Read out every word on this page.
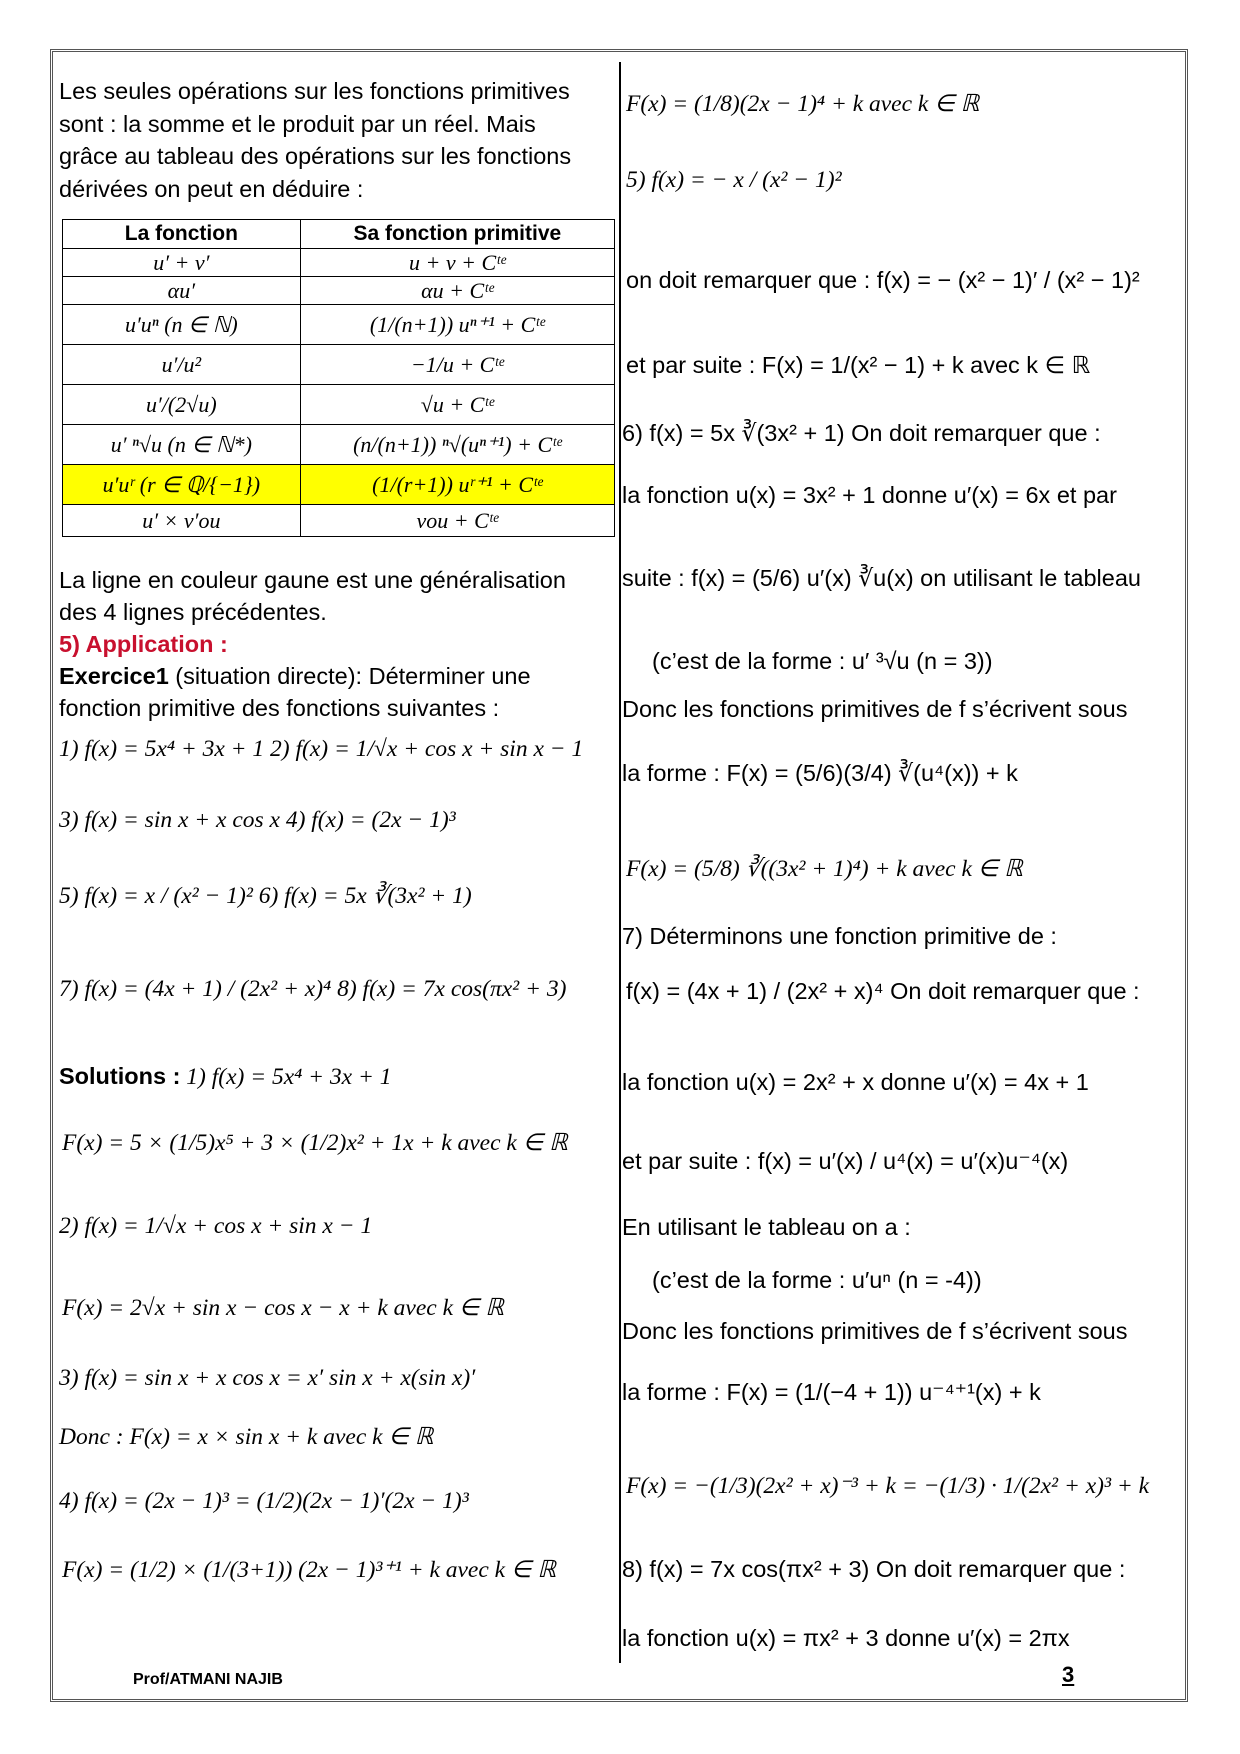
Les seules opérations sur les fonctions primitives
sont : la somme et le produit par un réel. Mais
grâce au tableau des opérations sur les fonctions
dérivées on peut en déduire :
La fonction	Sa fonction primitive
u′ + v′	u + v + Cᵗᵉ
αu′	αu + Cᵗᵉ
u′uⁿ (n ∈ ℕ)	(1/(n+1)) uⁿ⁺¹ + Cᵗᵉ
u′/u²	−1/u + Cᵗᵉ
u′/(2√u)	√u + Cᵗᵉ
u′ ⁿ√u (n ∈ ℕ*)	(n/(n+1)) ⁿ√(uⁿ⁺¹) + Cᵗᵉ
u′uʳ (r ∈ ℚ/{−1})	(1/(r+1)) uʳ⁺¹ + Cᵗᵉ
u′ × v′ou	vou + Cᵗᵉ
La ligne en couleur gaune est une généralisation
des 4 lignes précédentes.
5) Application :
Exercice1 (situation directe): Déterminer une
fonction primitive des fonctions suivantes :
1) f(x) = 5x⁴ + 3x + 1 2) f(x) = 1/√x + cos x + sin x − 1
3) f(x) = sin x + x cos x 4) f(x) = (2x − 1)³
5) f(x) = x / (x² − 1)² 6) f(x) = 5x ∛(3x² + 1)
7) f(x) = (4x + 1) / (2x² + x)⁴ 8) f(x) = 7x cos(πx² + 3)
Solutions : 1) f(x) = 5x⁴ + 3x + 1
F(x) = 5 × (1/5)x⁵ + 3 × (1/2)x² + 1x + k avec k ∈ ℝ
2) f(x) = 1/√x + cos x + sin x − 1
F(x) = 2√x + sin x − cos x − x + k avec k ∈ ℝ
3) f(x) = sin x + x cos x = x′ sin x + x(sin x)′
Donc : F(x) = x × sin x + k avec k ∈ ℝ
4) f(x) = (2x − 1)³ = (1/2)(2x − 1)′(2x − 1)³
F(x) = (1/2) × (1/(3+1)) (2x − 1)³⁺¹ + k avec k ∈ ℝ
F(x) = (1/8)(2x − 1)⁴ + k avec k ∈ ℝ
5) f(x) = − x / (x² − 1)²
on doit remarquer que : f(x) = − (x² − 1)′ / (x² − 1)²
et par suite : F(x) = 1/(x² − 1) + k avec k ∈ ℝ
6) f(x) = 5x ∛(3x² + 1) On doit remarquer que :
la fonction u(x) = 3x² + 1 donne u′(x) = 6x et par
suite : f(x) = (5/6) u′(x) ∛u(x) on utilisant le tableau
(c’est de la forme : u′ ³√u (n = 3))
Donc les fonctions primitives de f s’écrivent sous
la forme : F(x) = (5/6)(3/4) ∛(u⁴(x)) + k
F(x) = (5/8) ∛((3x² + 1)⁴) + k avec k ∈ ℝ
7) Déterminons une fonction primitive de :
f(x) = (4x + 1) / (2x² + x)⁴ On doit remarquer que :
la fonction u(x) = 2x² + x donne u′(x) = 4x + 1
et par suite : f(x) = u′(x) / u⁴(x) = u′(x)u⁻⁴(x)
En utilisant le tableau on a :
(c’est de la forme : u′uⁿ (n = -4))
Donc les fonctions primitives de f s’écrivent sous
la forme : F(x) = (1/(−4 + 1)) u⁻⁴⁺¹(x) + k
F(x) = −(1/3)(2x² + x)⁻³ + k = −(1/3) · 1/(2x² + x)³ + k
8) f(x) = 7x cos(πx² + 3) On doit remarquer que :
la fonction u(x) = πx² + 3 donne u′(x) = 2πx
Prof/ATMANI NAJIB	3
